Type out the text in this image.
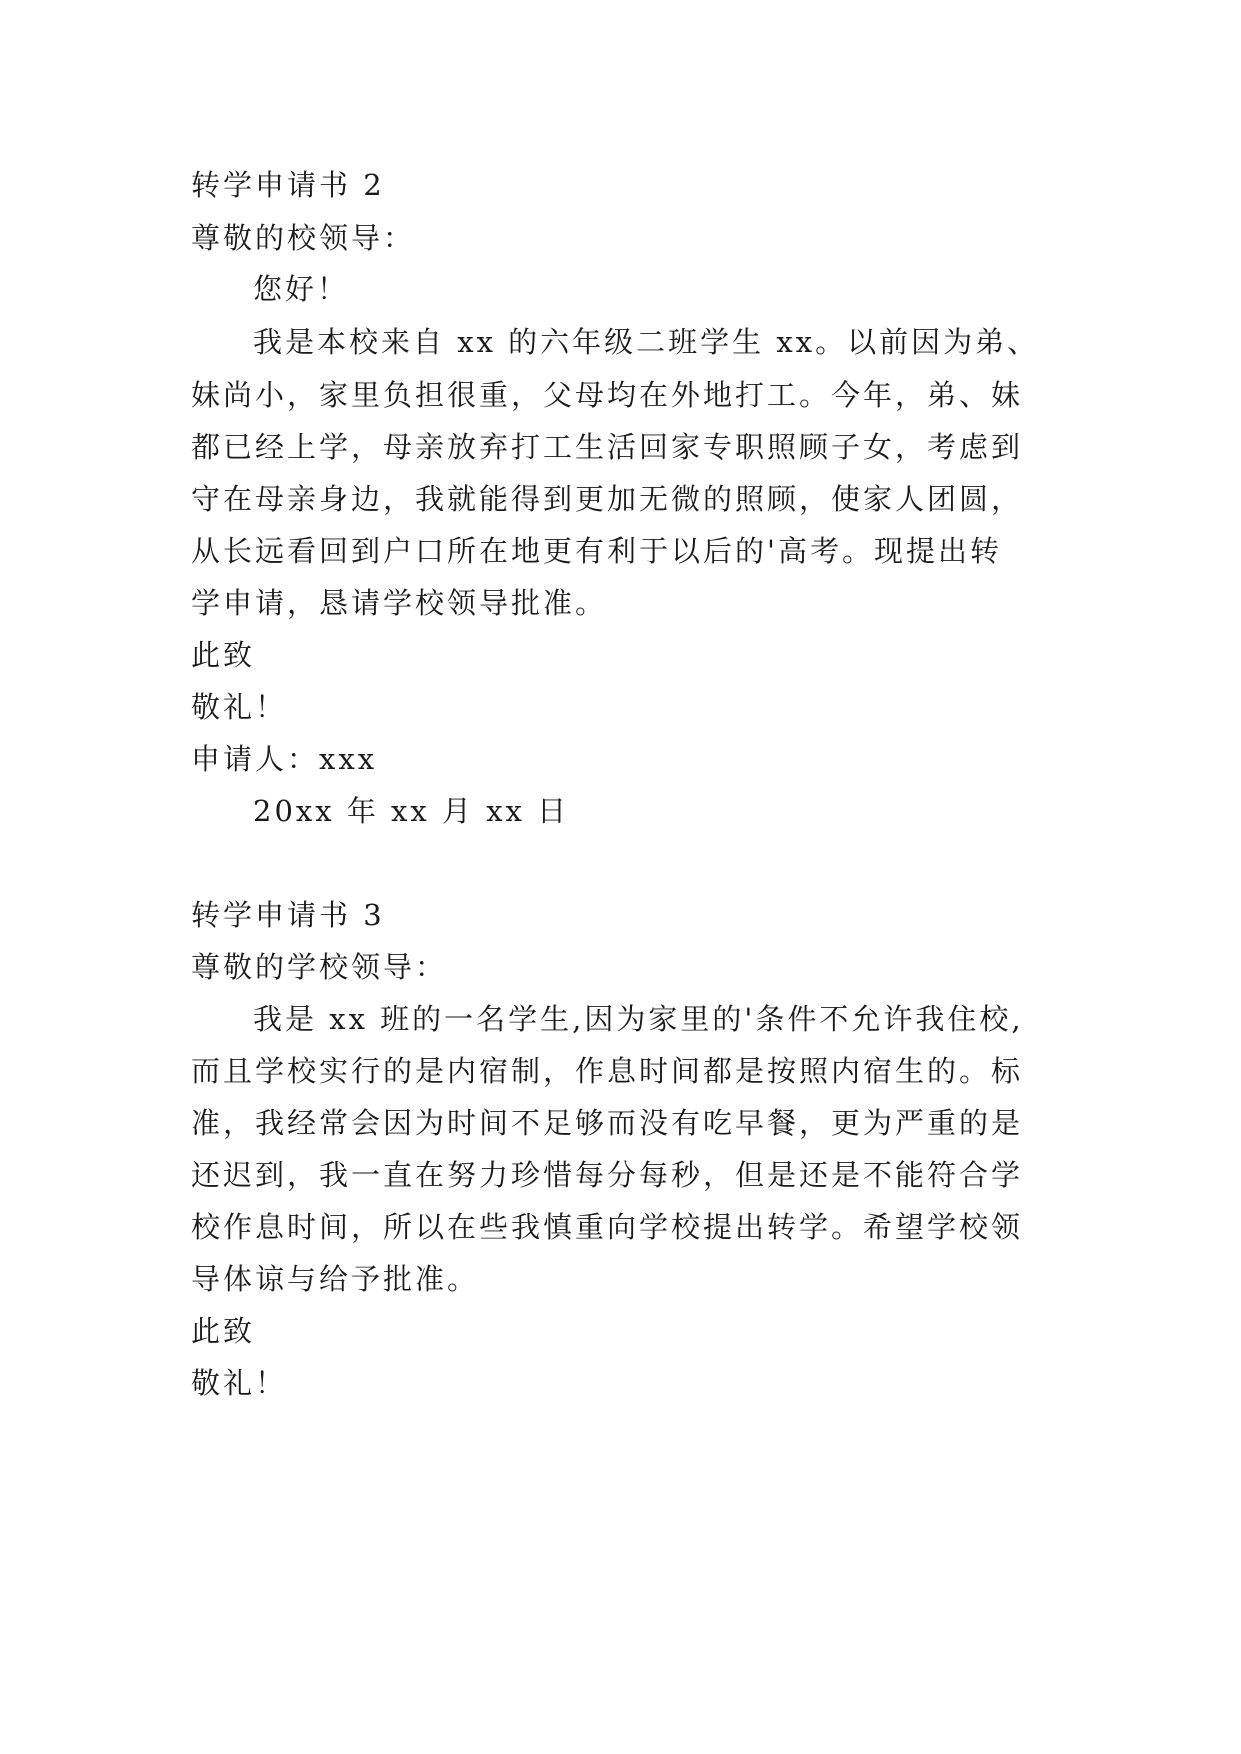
转学申请书 2
尊敬的校领导：
您好！
我是本校来自 xx 的六年级二班学生 xx。以前因为弟、
妹尚小，家里负担很重，父母均在外地打工。今年，弟、妹
都已经上学，母亲放弃打工生活回家专职照顾子女，考虑到
守在母亲身边，我就能得到更加无微的照顾，使家人团圆，
从长远看回到户口所在地更有利于以后的'高考。现提出转
学申请，恳请学校领导批准。
此致
敬礼！
申请人：xxx
20xx 年 xx 月 xx 日
转学申请书 3
尊敬的学校领导：
我是 xx 班的一名学生,因为家里的'条件不允许我住校,
而且学校实行的是内宿制，作息时间都是按照内宿生的。标
准，我经常会因为时间不足够而没有吃早餐，更为严重的是
还迟到，我一直在努力珍惜每分每秒，但是还是不能符合学
校作息时间，所以在些我慎重向学校提出转学。希望学校领
导体谅与给予批准。
此致
敬礼！
